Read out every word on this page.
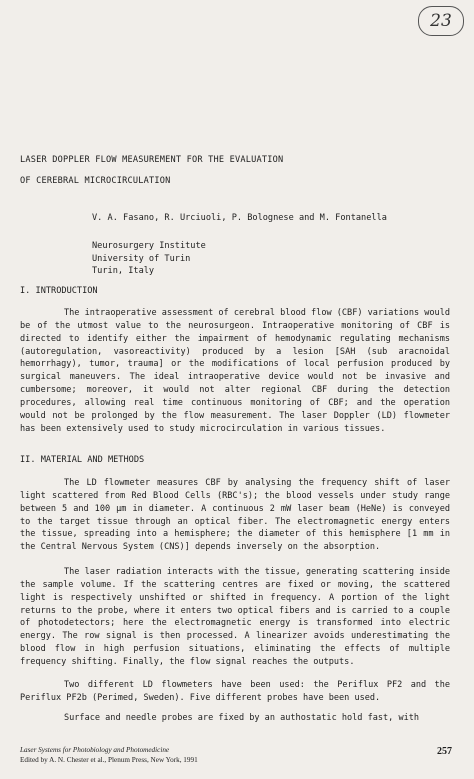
23
LASER DOPPLER FLOW MEASUREMENT FOR THE EVALUATION
OF CEREBRAL MICROCIRCULATION
V. A. Fasano, R. Urciuoli, P. Bolognese and M. Fontanella
Neurosurgery Institute
University of Turin
Turin, Italy
I. INTRODUCTION

The intraoperative assessment of cerebral blood flow (CBF) variations would be of the utmost value to the neurosurgeon. Intraoperative monitoring of CBF is directed to identify either the impairment of hemodynamic regulating mechanisms (autoregulation, vasoreactivity) produced by a lesion [SAH (sub aracnoidal hemorrhagy), tumor, trauma] or the modifications of local perfusion produced by surgical maneuvers. The ideal intraoperative device would not be invasive and cumbersome; moreover, it would not alter regional CBF during the detection procedures, allowing real time continuous monitoring of CBF; and the operation would not be prolonged by the flow measurement. The laser Doppler (LD) flowmeter has been extensively used to study microcirculation in various tissues.

II. MATERIAL AND METHODS

The LD flowmeter measures CBF by analysing the frequency shift of laser light scattered from Red Blood Cells (RBC's); the blood vessels under study range between 5 and 100 µm in diameter. A continuous 2 mW laser beam (HeNe) is conveyed to the target tissue through an optical fiber. The electromagnetic energy enters the tissue, spreading into a hemisphere; the diameter of this hemisphere [1 mm in the Central Nervous System (CNS)] depends inversely on the absorption.

The laser radiation interacts with the tissue, generating scattering inside the sample volume. If the scattering centres are fixed or moving, the scattered light is respectively unshifted or shifted in frequency. A portion of the light returns to the probe, where it enters two optical fibers and is carried to a couple of photodetectors; here the electromagnetic energy is transformed into electric energy. The row signal is then processed. A linearizer avoids underestimating the blood flow in high perfusion situations, eliminating the effects of multiple frequency shifting. Finally, the flow signal reaches the outputs.

Two different LD flowmeters have been used: the Periflux PF2 and the Periflux PF2b (Perimed, Sweden). Five different probes have been used.

Surface and needle probes are fixed by an authostatic hold fast, with

Laser Systems for Photobiology and Photomedicine
Edited by A. N. Chester et al., Plenum Press, New York, 1991
257
